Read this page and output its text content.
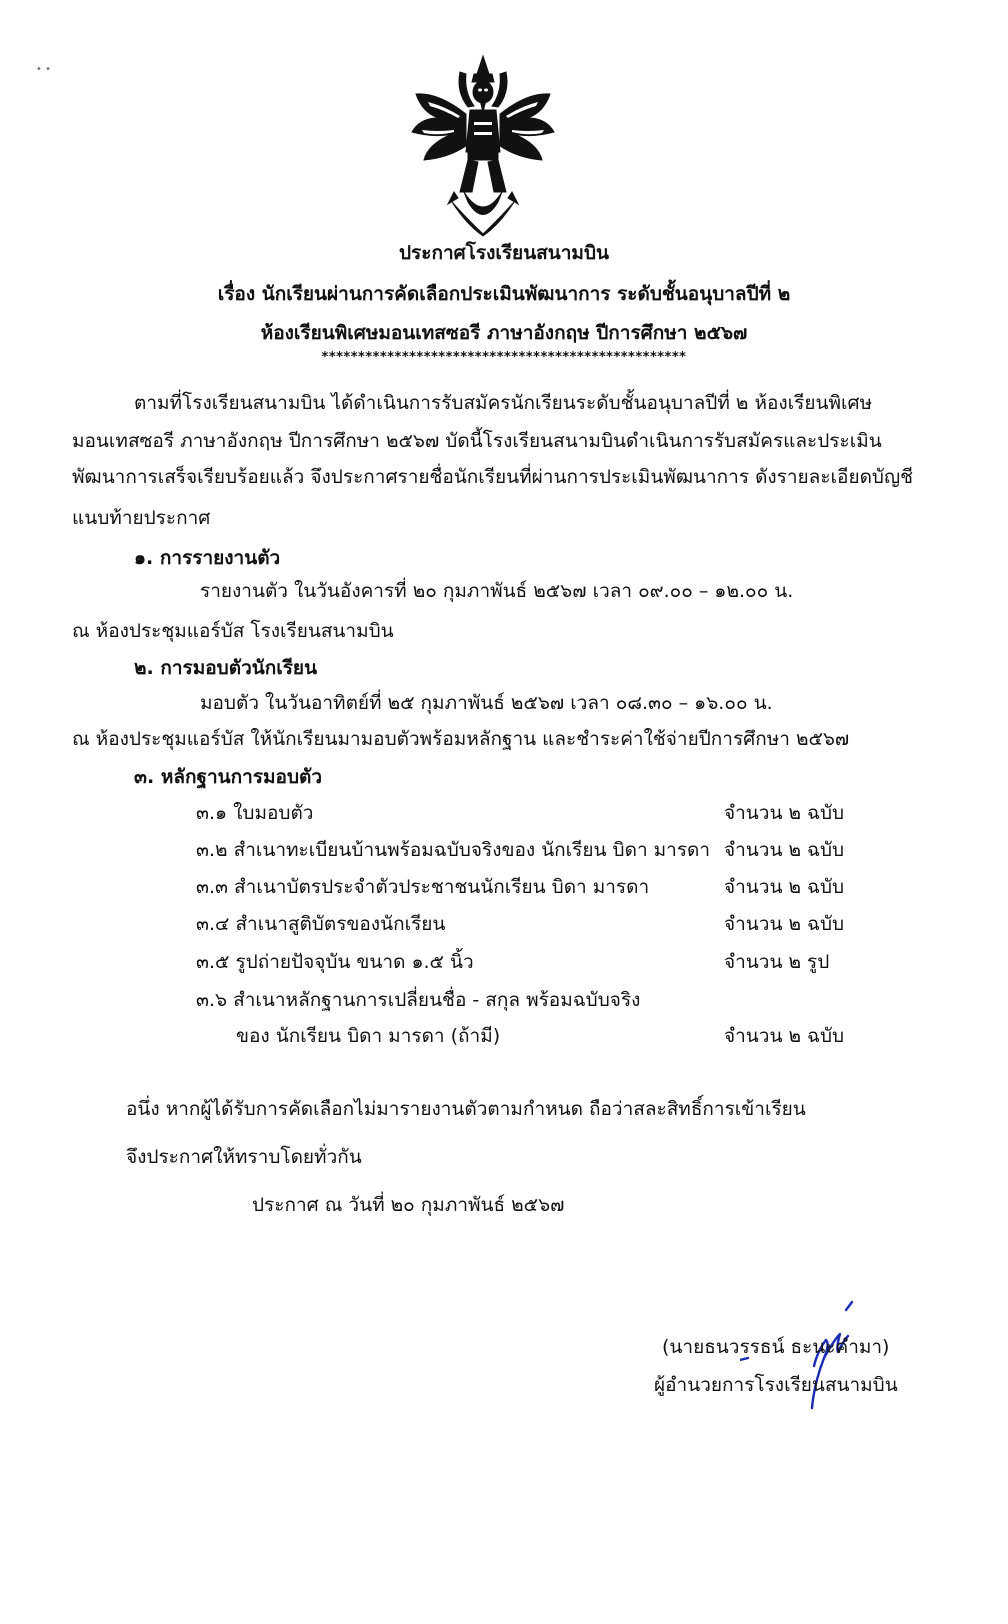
• •
ประกาศโรงเรียนสนามบิน
เรื่อง นักเรียนผ่านการคัดเลือกประเมินพัฒนาการ ระดับชั้นอนุบาลปีที่ ๒
ห้องเรียนพิเศษมอนเทสซอรี ภาษาอังกฤษ ปีการศึกษา ๒๕๖๗
**************************************************
ตามที่โรงเรียนสนามบิน ได้ดำเนินการรับสมัครนักเรียนระดับชั้นอนุบาลปีที่ ๒ ห้องเรียนพิเศษ
มอนเทสซอรี ภาษาอังกฤษ ปีการศึกษา ๒๕๖๗ บัดนี้โรงเรียนสนามบินดำเนินการรับสมัครและประเมิน
พัฒนาการเสร็จเรียบร้อยแล้ว จึงประกาศรายชื่อนักเรียนที่ผ่านการประเมินพัฒนาการ ดังรายละเอียดบัญชี
แนบท้ายประกาศ
๑. การรายงานตัว
รายงานตัว ในวันอังคารที่ ๒๐ กุมภาพันธ์ ๒๕๖๗ เวลา ๐๙.๐๐ – ๑๒.๐๐ น.
ณ ห้องประชุมแอร์บัส โรงเรียนสนามบิน
๒. การมอบตัวนักเรียน
มอบตัว ในวันอาทิตย์ที่ ๒๕ กุมภาพันธ์ ๒๕๖๗ เวลา ๐๘.๓๐ – ๑๖.๐๐ น.
ณ ห้องประชุมแอร์บัส ให้นักเรียนมามอบตัวพร้อมหลักฐาน และชำระค่าใช้จ่ายปีการศึกษา ๒๕๖๗
๓. หลักฐานการมอบตัว
๓.๑ ใบมอบตัว	จำนวน ๒ ฉบับ
๓.๒ สำเนาทะเบียนบ้านพร้อมฉบับจริงของ นักเรียน บิดา มารดา จำนวน ๒ ฉบับ
๓.๓ สำเนาบัตรประจำตัวประชาชนนักเรียน บิดา มารดา	จำนวน ๒ ฉบับ
๓.๔ สำเนาสูติบัตรของนักเรียน	จำนวน ๒ ฉบับ
๓.๕ รูปถ่ายปัจจุบัน ขนาด ๑.๕ นิ้ว	จำนวน ๒ รูป
๓.๖ สำเนาหลักฐานการเปลี่ยนชื่อ - สกุล พร้อมฉบับจริง
ของ นักเรียน บิดา มารดา (ถ้ามี)	จำนวน ๒ ฉบับ
อนึ่ง หากผู้ได้รับการคัดเลือกไม่มารายงานตัวตามกำหนด ถือว่าสละสิทธิ์การเข้าเรียน
จึงประกาศให้ทราบโดยทั่วกัน
ประกาศ ณ วันที่ ๒๐ กุมภาพันธ์ ๒๕๖๗
(นายธนวรรธน์ ธะนะคำมา)
ผู้อำนวยการโรงเรียนสนามบิน
